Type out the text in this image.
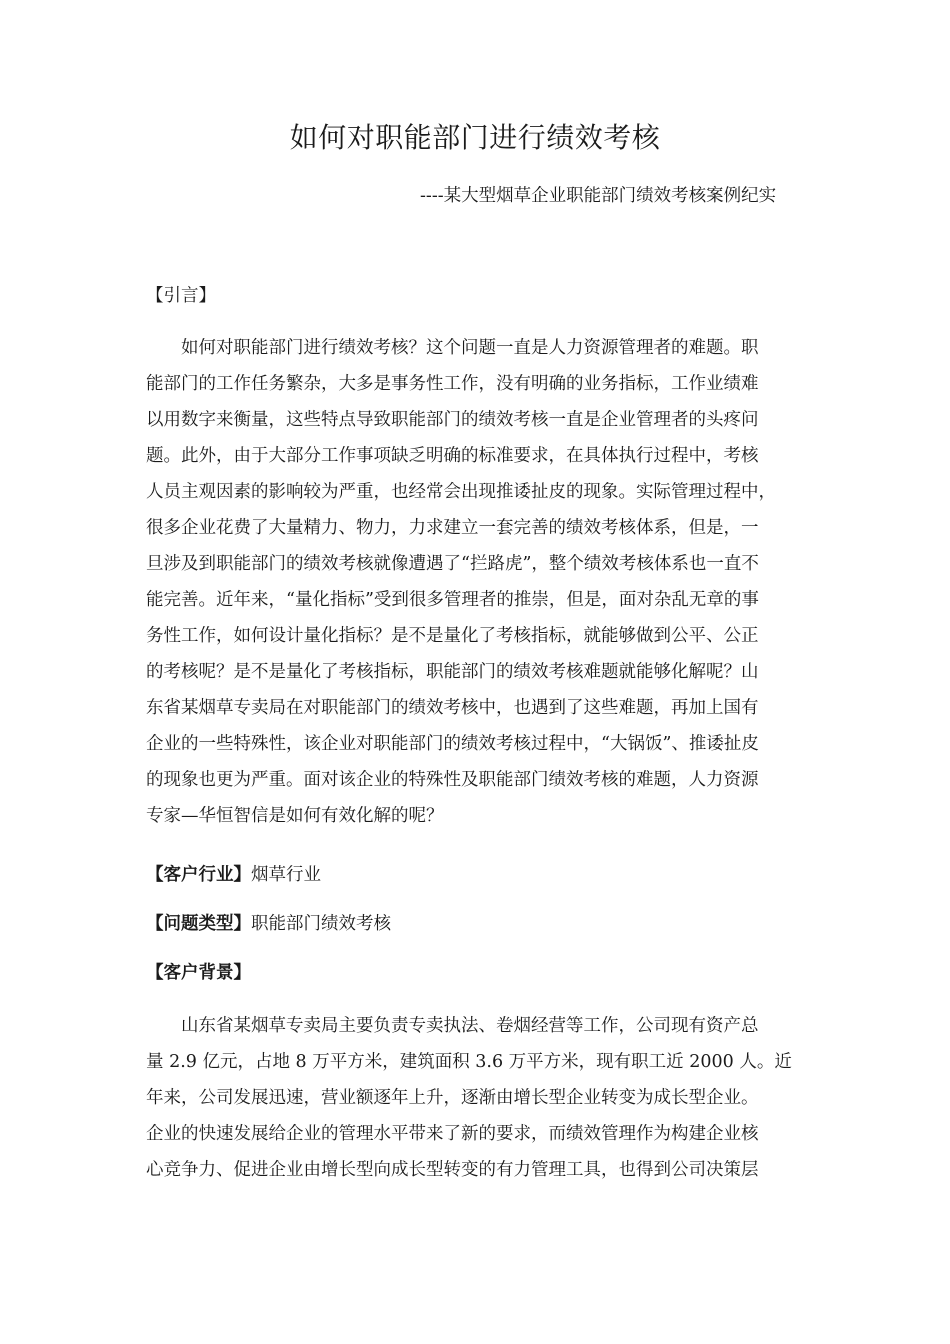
如何对职能部门进行绩效考核
----某大型烟草企业职能部门绩效考核案例纪实
【引言】
　　如何对职能部门进行绩效考核？这个问题一直是人力资源管理者的难题。职
能部门的工作任务繁杂，大多是事务性工作，没有明确的业务指标，工作业绩难
以用数字来衡量，这些特点导致职能部门的绩效考核一直是企业管理者的头疼问
题。此外，由于大部分工作事项缺乏明确的标准要求，在具体执行过程中，考核
人员主观因素的影响较为严重，也经常会出现推诿扯皮的现象。实际管理过程中，
很多企业花费了大量精力、物力，力求建立一套完善的绩效考核体系，但是，一
旦涉及到职能部门的绩效考核就像遭遇了“拦路虎”，整个绩效考核体系也一直不
能完善。近年来，“量化指标”受到很多管理者的推崇，但是，面对杂乱无章的事
务性工作，如何设计量化指标？是不是量化了考核指标，就能够做到公平、公正
的考核呢？是不是量化了考核指标，职能部门的绩效考核难题就能够化解呢？山
东省某烟草专卖局在对职能部门的绩效考核中，也遇到了这些难题，再加上国有
企业的一些特殊性，该企业对职能部门的绩效考核过程中，“大锅饭”、推诿扯皮
的现象也更为严重。面对该企业的特殊性及职能部门绩效考核的难题，人力资源
专家—华恒智信是如何有效化解的呢？
【客户行业】烟草行业
【问题类型】职能部门绩效考核
【客户背景】
　　山东省某烟草专卖局主要负责专卖执法、卷烟经营等工作，公司现有资产总
量 2.9 亿元，占地 8 万平方米，建筑面积 3.6 万平方米，现有职工近 2000 人。近
年来，公司发展迅速，营业额逐年上升，逐渐由增长型企业转变为成长型企业。
企业的快速发展给企业的管理水平带来了新的要求，而绩效管理作为构建企业核
心竞争力、促进企业由增长型向成长型转变的有力管理工具，也得到公司决策层
